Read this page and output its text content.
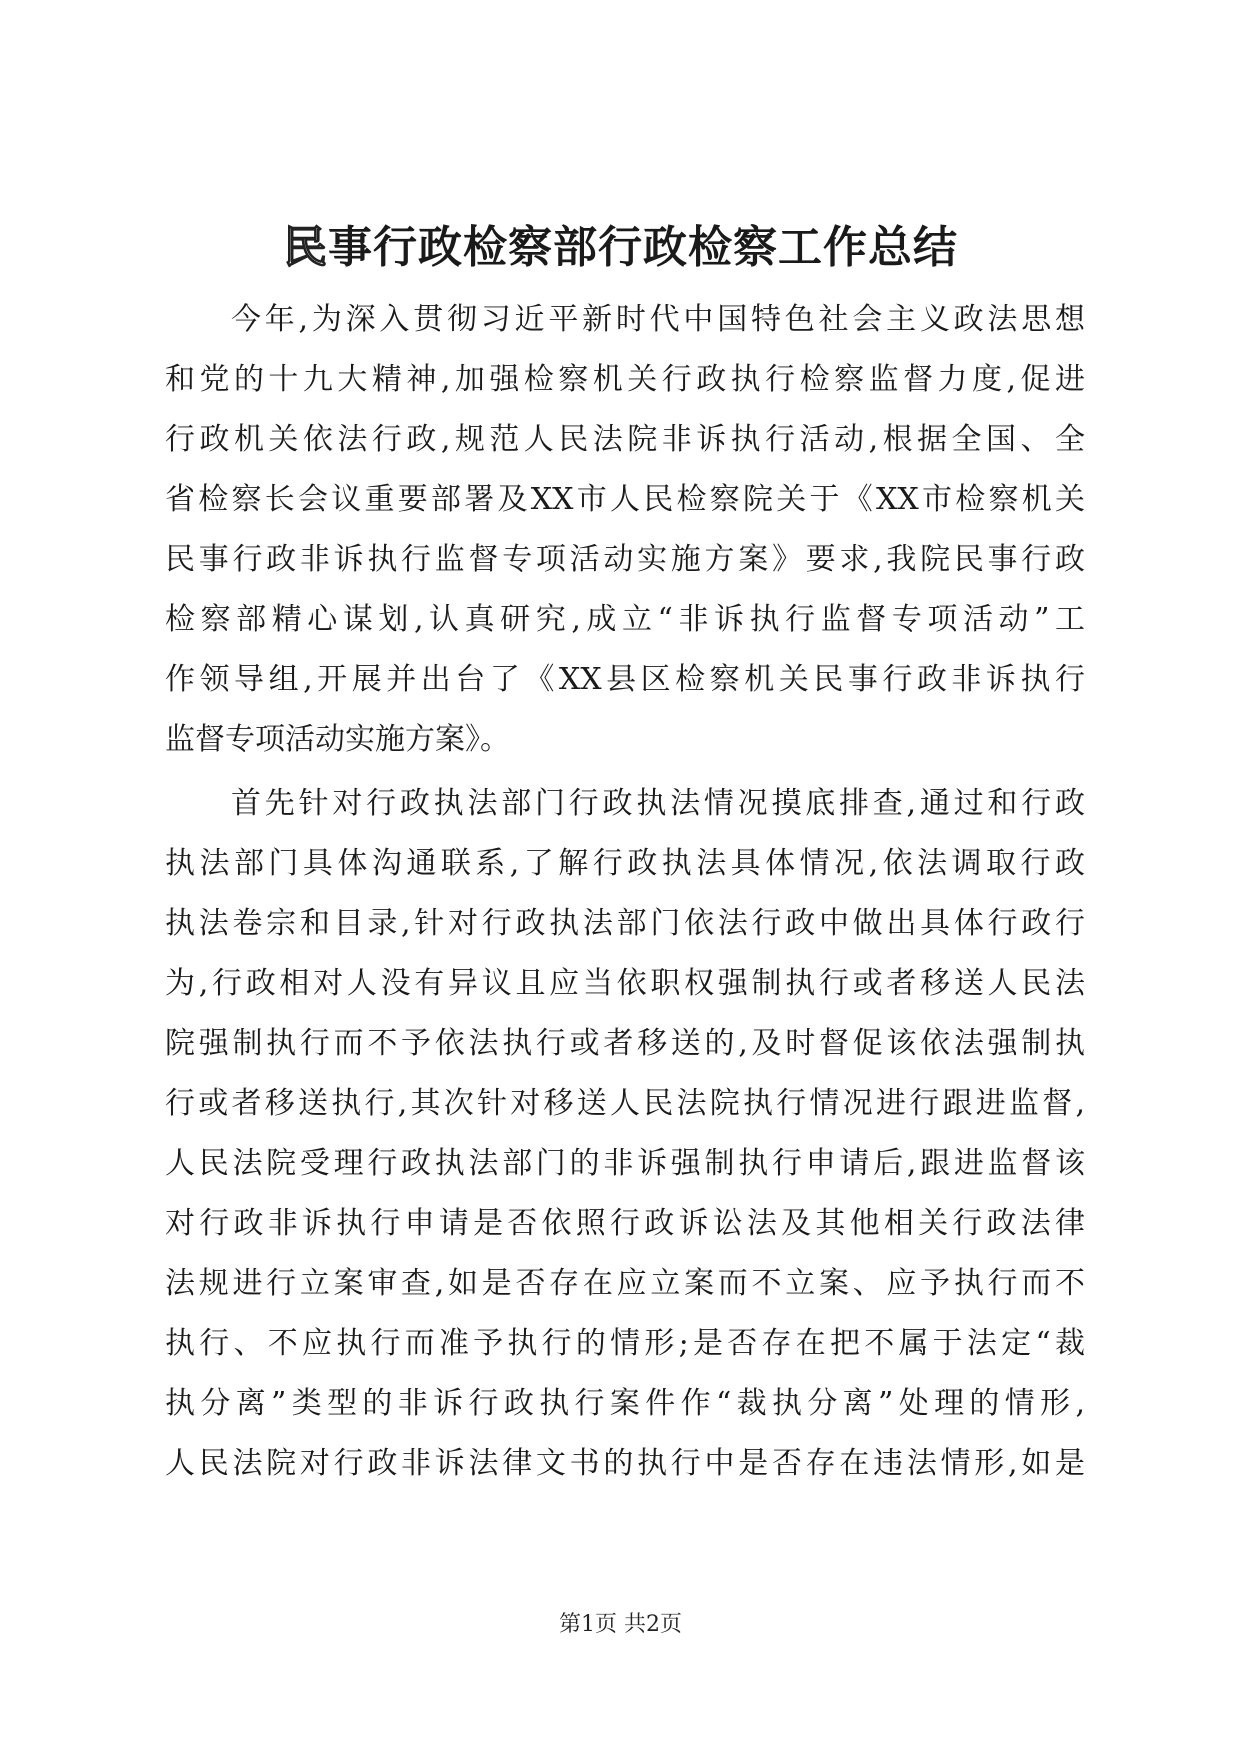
民事行政检察部行政检察工作总结
今年,为深入贯彻习近平新时代中国特色社会主义政法思想
和党的十九大精神,加强检察机关行政执行检察监督力度,促进
行政机关依法行政,规范人民法院非诉执行活动,根据全国、全
省检察长会议重要部署及XX市人民检察院关于《XX市检察机关
民事行政非诉执行监督专项活动实施方案》要求,我院民事行政
检察部精心谋划,认真研究,成立“非诉执行监督专项活动”工
作领导组,开展并出台了《XX县区检察机关民事行政非诉执行
监督专项活动实施方案》。
首先针对行政执法部门行政执法情况摸底排查,通过和行政
执法部门具体沟通联系,了解行政执法具体情况,依法调取行政
执法卷宗和目录,针对行政执法部门依法行政中做出具体行政行
为,行政相对人没有异议且应当依职权强制执行或者移送人民法
院强制执行而不予依法执行或者移送的,及时督促该依法强制执
行或者移送执行,其次针对移送人民法院执行情况进行跟进监督,
人民法院受理行政执法部门的非诉强制执行申请后,跟进监督该
对行政非诉执行申请是否依照行政诉讼法及其他相关行政法律
法规进行立案审查,如是否存在应立案而不立案、应予执行而不
执行、不应执行而准予执行的情形;是否存在把不属于法定“裁
执分离”类型的非诉行政执行案件作“裁执分离”处理的情形,
人民法院对行政非诉法律文书的执行中是否存在违法情形,如是
第1页 共2页
